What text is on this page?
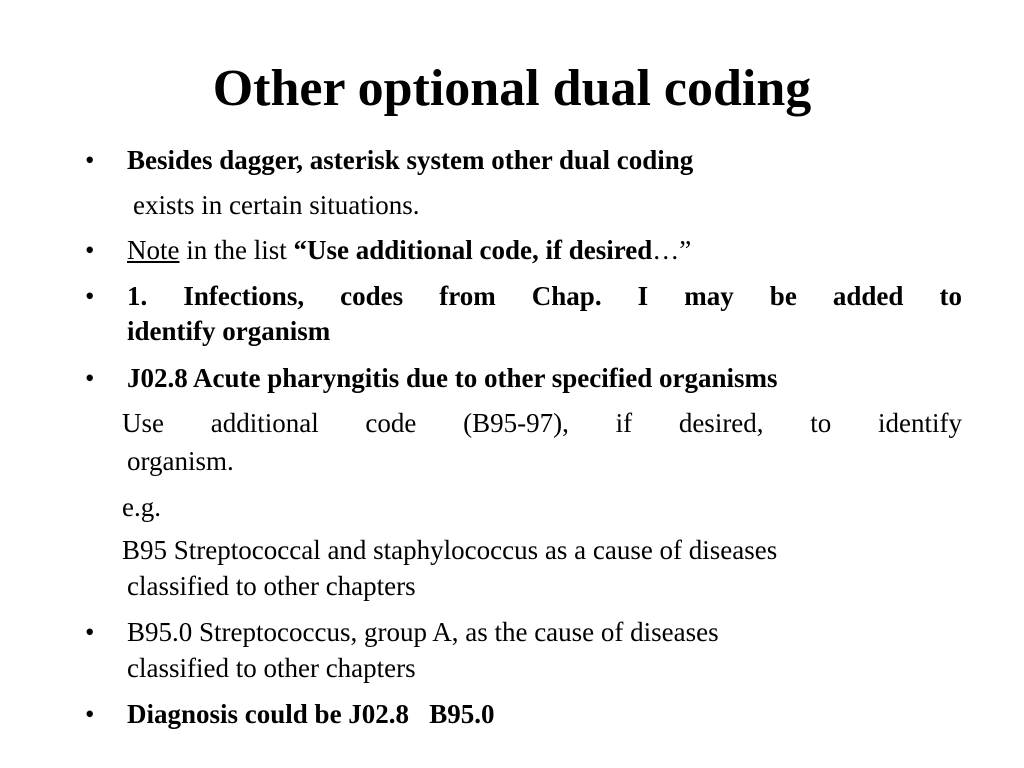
Other optional dual coding
• Besides dagger, asterisk system other dual coding
exists in certain situations.
• Note in the list “Use additional code, if desired…”
• 1. Infections, codes from Chap. I may be added to
identify organism
• J02.8 Acute pharyngitis due to other specified organisms
Use additional code (B95-97), if desired, to identify
organism.
e.g.
B95 Streptococcal and staphylococcus as a cause of diseases
classified to other chapters
• B95.0 Streptococcus, group A, as the cause of diseases
classified to other chapters
• Diagnosis could be J02.8   B95.0
